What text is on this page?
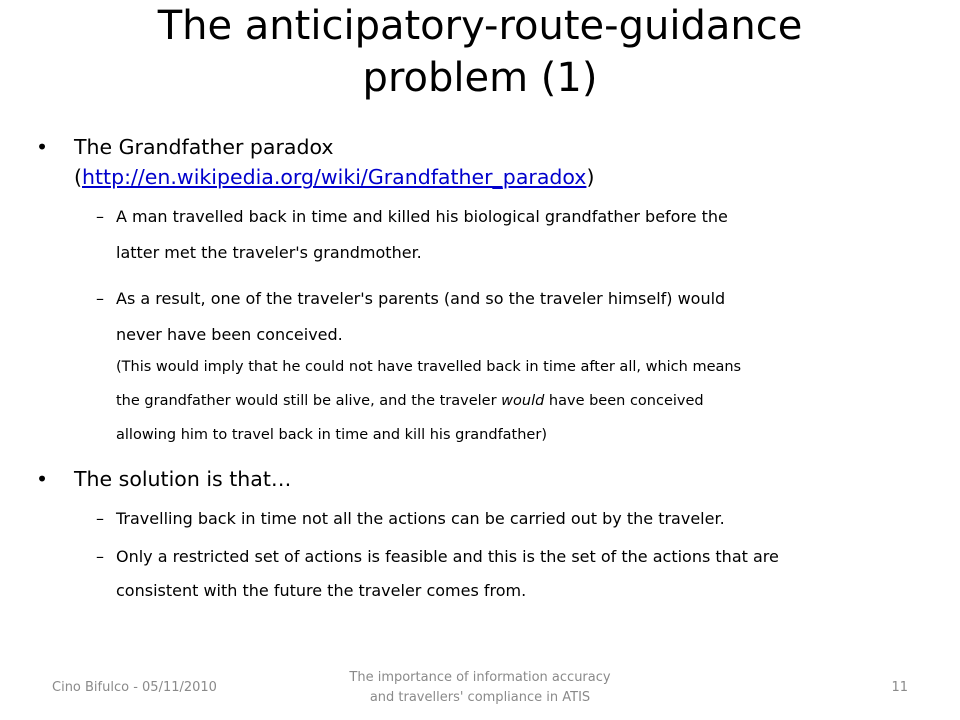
The anticipatory-route-guidance
problem (1)
• The Grandfather paradox
(http://en.wikipedia.org/wiki/Grandfather_paradox)
– A man travelled back in time and killed his biological grandfather before the
latter met the traveler's grandmother.
– As a result, one of the traveler's parents (and so the traveler himself) would
never have been conceived.
(This would imply that he could not have travelled back in time after all, which means
the grandfather would still be alive, and the traveler would have been conceived
allowing him to travel back in time and kill his grandfather)
• The solution is that…
– Travelling back in time not all the actions can be carried out by the traveler.
– Only a restricted set of actions is feasible and this is the set of the actions that are
consistent with the future the traveler comes from.
Cino Bifulco - 05/11/2010
The importance of information accuracy
and travellers' compliance in ATIS
11
